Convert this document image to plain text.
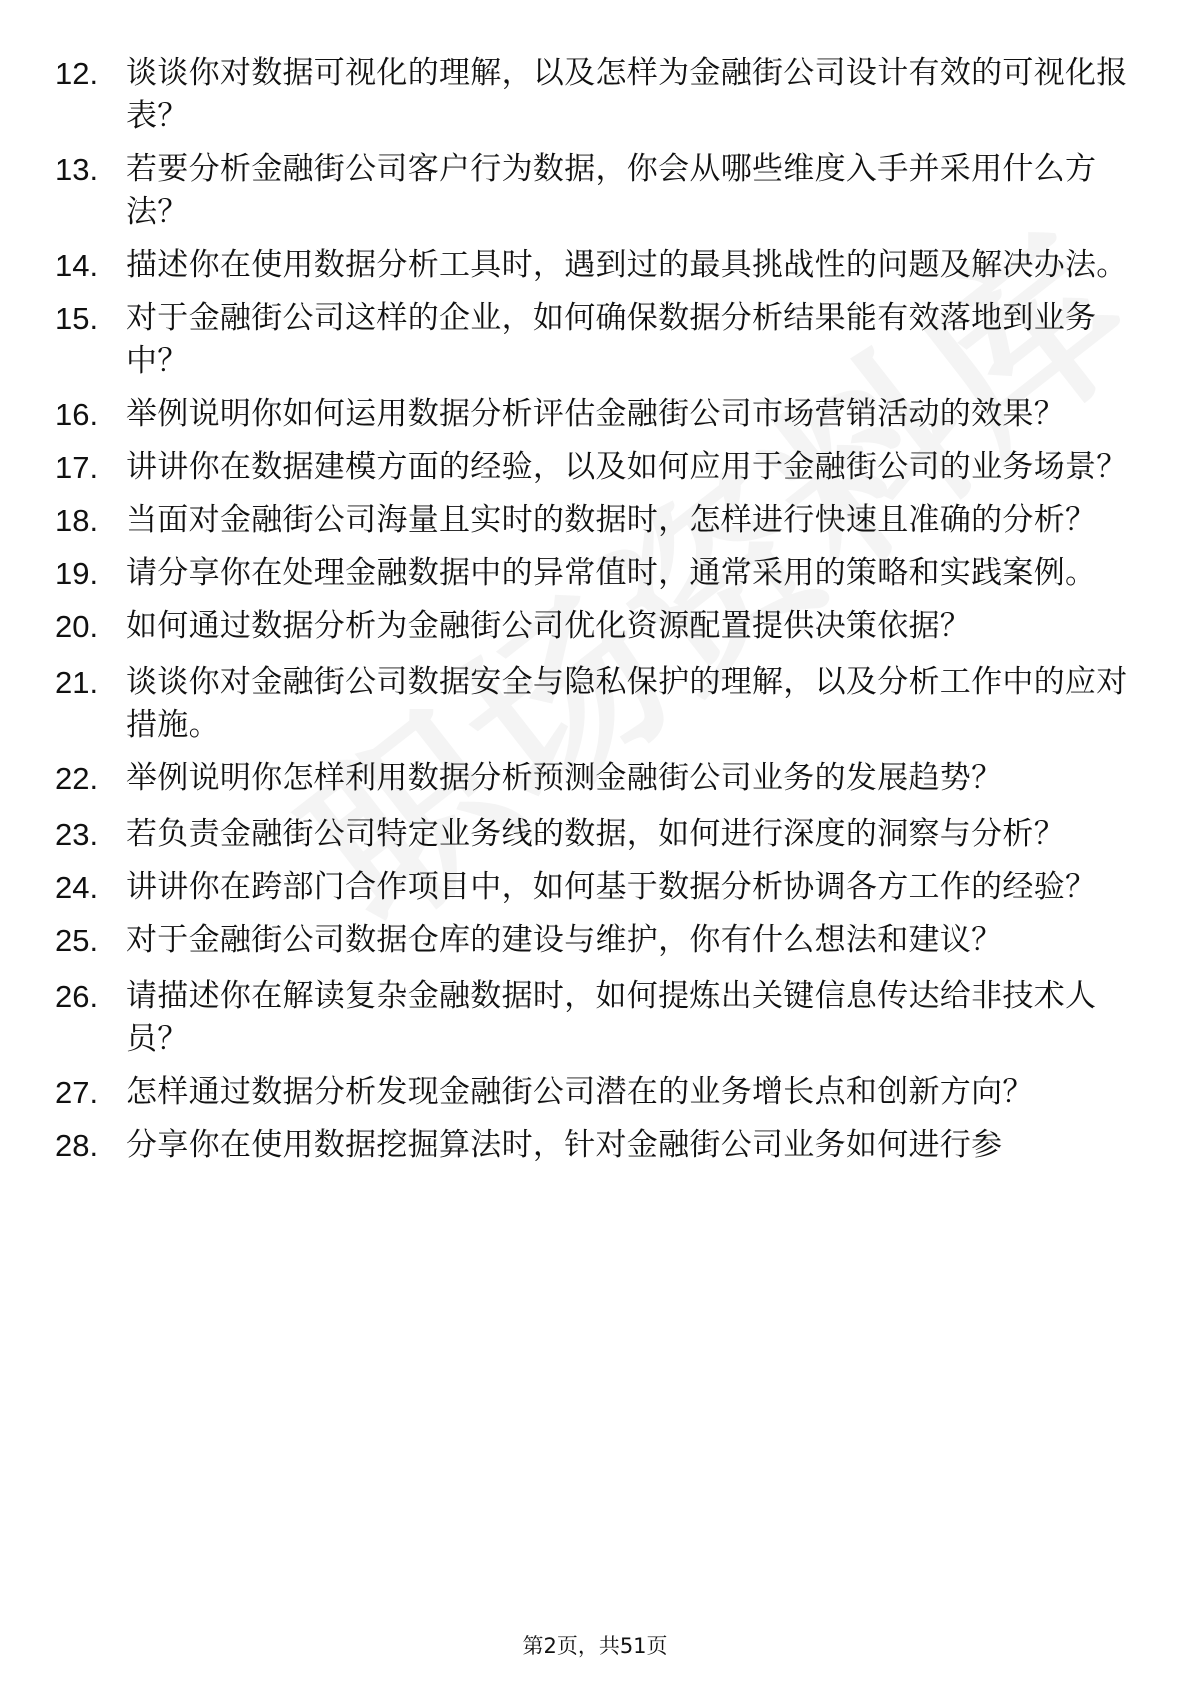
12. 谈谈你对数据可视化的理解，以及怎样为金融街公司设计有效的可视化报表？
13. 若要分析金融街公司客户行为数据，你会从哪些维度入手并采用什么方法？
14. 描述你在使用数据分析工具时，遇到过的最具挑战性的问题及解决办法。
15. 对于金融街公司这样的企业，如何确保数据分析结果能有效落地到业务中？
16. 举例说明你如何运用数据分析评估金融街公司市场营销活动的效果？
17. 讲讲你在数据建模方面的经验，以及如何应用于金融街公司的业务场景？
18. 当面对金融街公司海量且实时的数据时，怎样进行快速且准确的分析？
19. 请分享你在处理金融数据中的异常值时，通常采用的策略和实践案例。
20. 如何通过数据分析为金融街公司优化资源配置提供决策依据？
21. 谈谈你对金融街公司数据安全与隐私保护的理解，以及分析工作中的应对措施。
22. 举例说明你怎样利用数据分析预测金融街公司业务的发展趋势？
23. 若负责金融街公司特定业务线的数据，如何进行深度的洞察与分析？
24. 讲讲你在跨部门合作项目中，如何基于数据分析协调各方工作的经验？
25. 对于金融街公司数据仓库的建设与维护，你有什么想法和建议？
26. 请描述你在解读复杂金融数据时，如何提炼出关键信息传达给非技术人员？
27. 怎样通过数据分析发现金融街公司潜在的业务增长点和创新方向？
28. 分享你在使用数据挖掘算法时，针对金融街公司业务如何进行参
第2页，共51页
